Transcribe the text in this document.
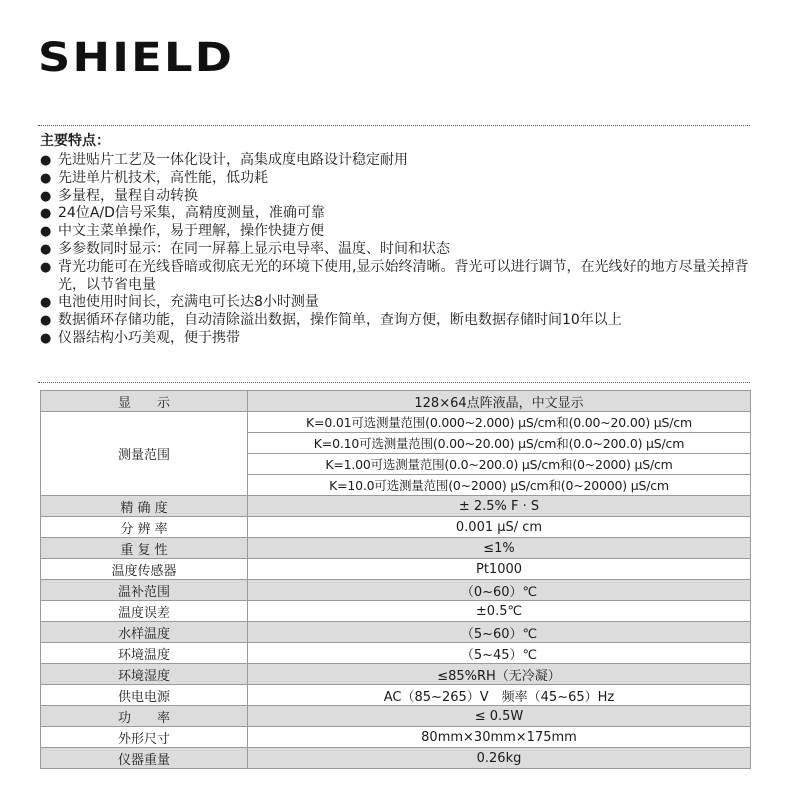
SHIELD
主要特点：
● 先进贴片工艺及一体化设计，高集成度电路设计稳定耐用
● 先进单片机技术，高性能，低功耗
● 多量程，量程自动转换
● 24位A/D信号采集，高精度测量，准确可靠
● 中文主菜单操作，易于理解，操作快捷方便
● 多参数同时显示：在同一屏幕上显示电导率、温度、时间和状态
● 背光功能可在光线昏暗或彻底无光的环境下使用,显示始终清晰。背光可以进行调节，在光线好的地方尽量关掉背光，以节省电量
● 电池使用时间长，充满电可长达8小时测量
● 数据循环存储功能，自动清除溢出数据，操作简单，查询方便，断电数据存储时间10年以上
● 仪器结构小巧美观，便于携带
显　　示	128×64点阵液晶，中文显示
测量范围	K=0.01可选测量范围(0.000~2.000) μS/cm和(0.00~20.00) μS/cm
	K=0.10可选测量范围(0.00~20.00) μS/cm和(0.0~200.0) μS/cm
	K=1.00可选测量范围(0.0~200.0) μS/cm和(0~2000) μS/cm
	K=10.0可选测量范围(0~2000) μS/cm和(0~20000) μS/cm
精 确 度	± 2.5% F · S
分 辨 率	0.001 μS/ cm
重 复 性	≤1%
温度传感器	Pt1000
温补范围	（0~60）℃
温度误差	±0.5℃
水样温度	（5~60）℃
环境温度	（5~45）℃
环境湿度	≤85%RH（无冷凝）
供电电源	AC（85~265）V　频率（45~65）Hz
功　　率	≤ 0.5W
外形尺寸	80mm×30mm×175mm
仪器重量	0.26kg
